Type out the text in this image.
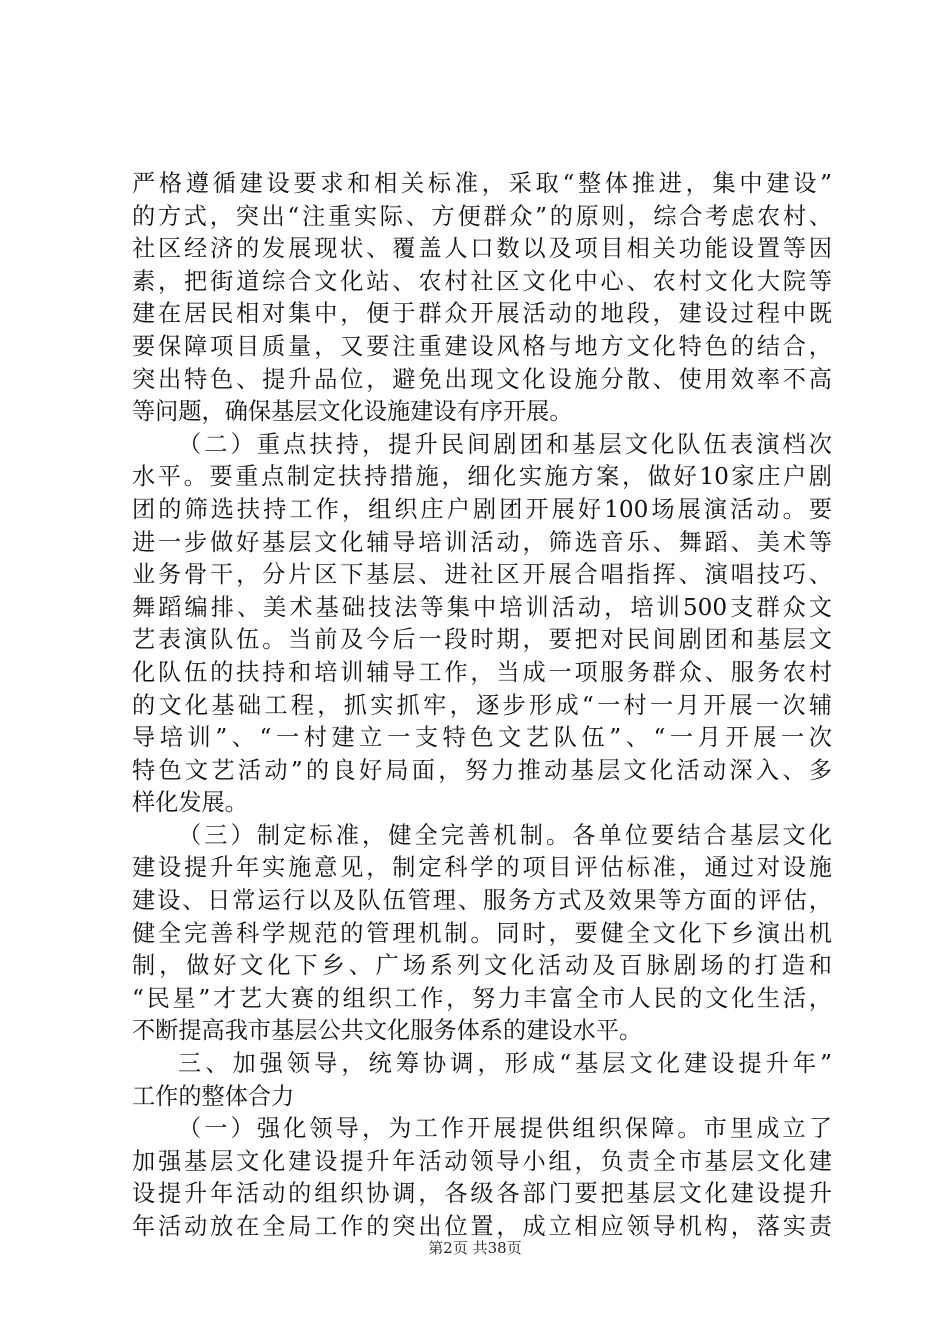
严格遵循建设要求和相关标准，采取“整体推进，集中建设”
的方式，突出“注重实际、方便群众”的原则，综合考虑农村、
社区经济的发展现状、覆盖人口数以及项目相关功能设置等因
素，把街道综合文化站、农村社区文化中心、农村文化大院等
建在居民相对集中，便于群众开展活动的地段，建设过程中既
要保障项目质量，又要注重建设风格与地方文化特色的结合，
突出特色、提升品位，避免出现文化设施分散、使用效率不高
等问题，确保基层文化设施建设有序开展。
（二）重点扶持，提升民间剧团和基层文化队伍表演档次
水平。要重点制定扶持措施，细化实施方案，做好10家庄户剧
团的筛选扶持工作，组织庄户剧团开展好100场展演活动。要
进一步做好基层文化辅导培训活动，筛选音乐、舞蹈、美术等
业务骨干，分片区下基层、进社区开展合唱指挥、演唱技巧、
舞蹈编排、美术基础技法等集中培训活动，培训500支群众文
艺表演队伍。当前及今后一段时期，要把对民间剧团和基层文
化队伍的扶持和培训辅导工作，当成一项服务群众、服务农村
的文化基础工程，抓实抓牢，逐步形成“一村一月开展一次辅
导培训”、“一村建立一支特色文艺队伍”、“一月开展一次
特色文艺活动”的良好局面，努力推动基层文化活动深入、多
样化发展。
（三）制定标准，健全完善机制。各单位要结合基层文化
建设提升年实施意见，制定科学的项目评估标准，通过对设施
建设、日常运行以及队伍管理、服务方式及效果等方面的评估，
健全完善科学规范的管理机制。同时，要健全文化下乡演出机
制，做好文化下乡、广场系列文化活动及百脉剧场的打造和
“民星”才艺大赛的组织工作，努力丰富全市人民的文化生活，
不断提高我市基层公共文化服务体系的建设水平。
三、加强领导，统筹协调，形成“基层文化建设提升年”
工作的整体合力
（一）强化领导，为工作开展提供组织保障。市里成立了
加强基层文化建设提升年活动领导小组，负责全市基层文化建
设提升年活动的组织协调，各级各部门要把基层文化建设提升
年活动放在全局工作的突出位置，成立相应领导机构，落实责
第2页 共38页
